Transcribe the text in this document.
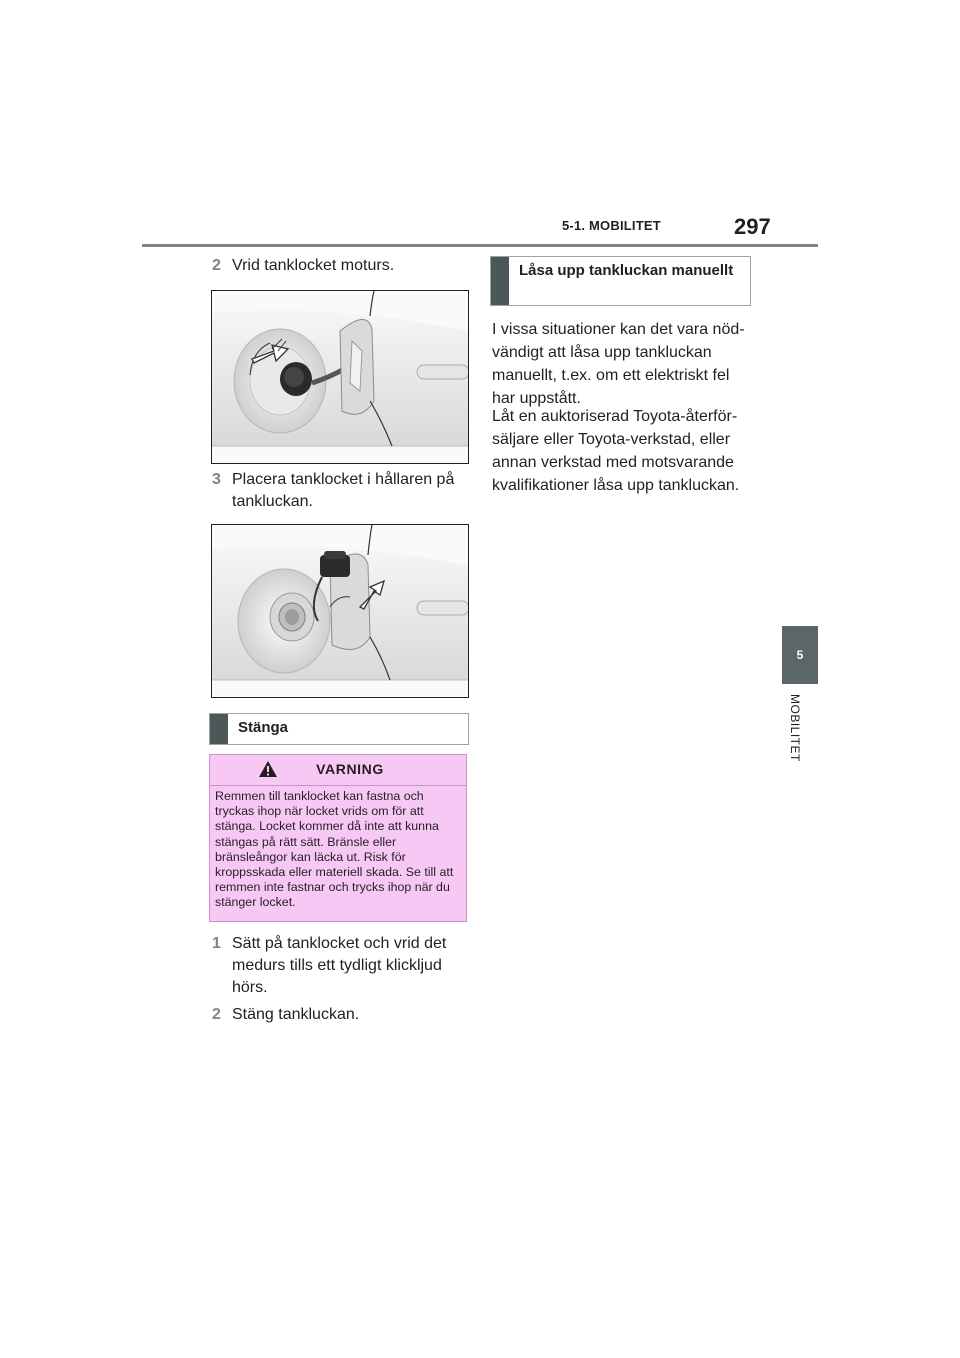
5-1. MOBILITET	297
5
MOBILITET
2 Vrid tanklocket moturs.
3 Placera tanklocket i hållaren på tankluckan.
Stänga
VARNING
Remmen till tanklocket kan fastna och tryckas ihop när locket vrids om för att stänga. Locket kommer då inte att kunna stängas på rätt sätt. Bränsle eller bränsleångor kan läcka ut. Risk för kroppsskada eller materiell skada. Se till att remmen inte fastnar och trycks ihop när du stänger locket.
1 Sätt på tanklocket och vrid det medurs tills ett tydligt klickljud hörs.
2 Stäng tankluckan.
Låsa upp tankluckan manuellt
I vissa situationer kan det vara nöd-vändigt att låsa upp tankluckan manuellt, t.ex. om ett elektriskt fel har uppstått.
Låt en auktoriserad Toyota-återför-säljare eller Toyota-verkstad, eller annan verkstad med motsvarande kvalifikationer låsa upp tankluckan.
